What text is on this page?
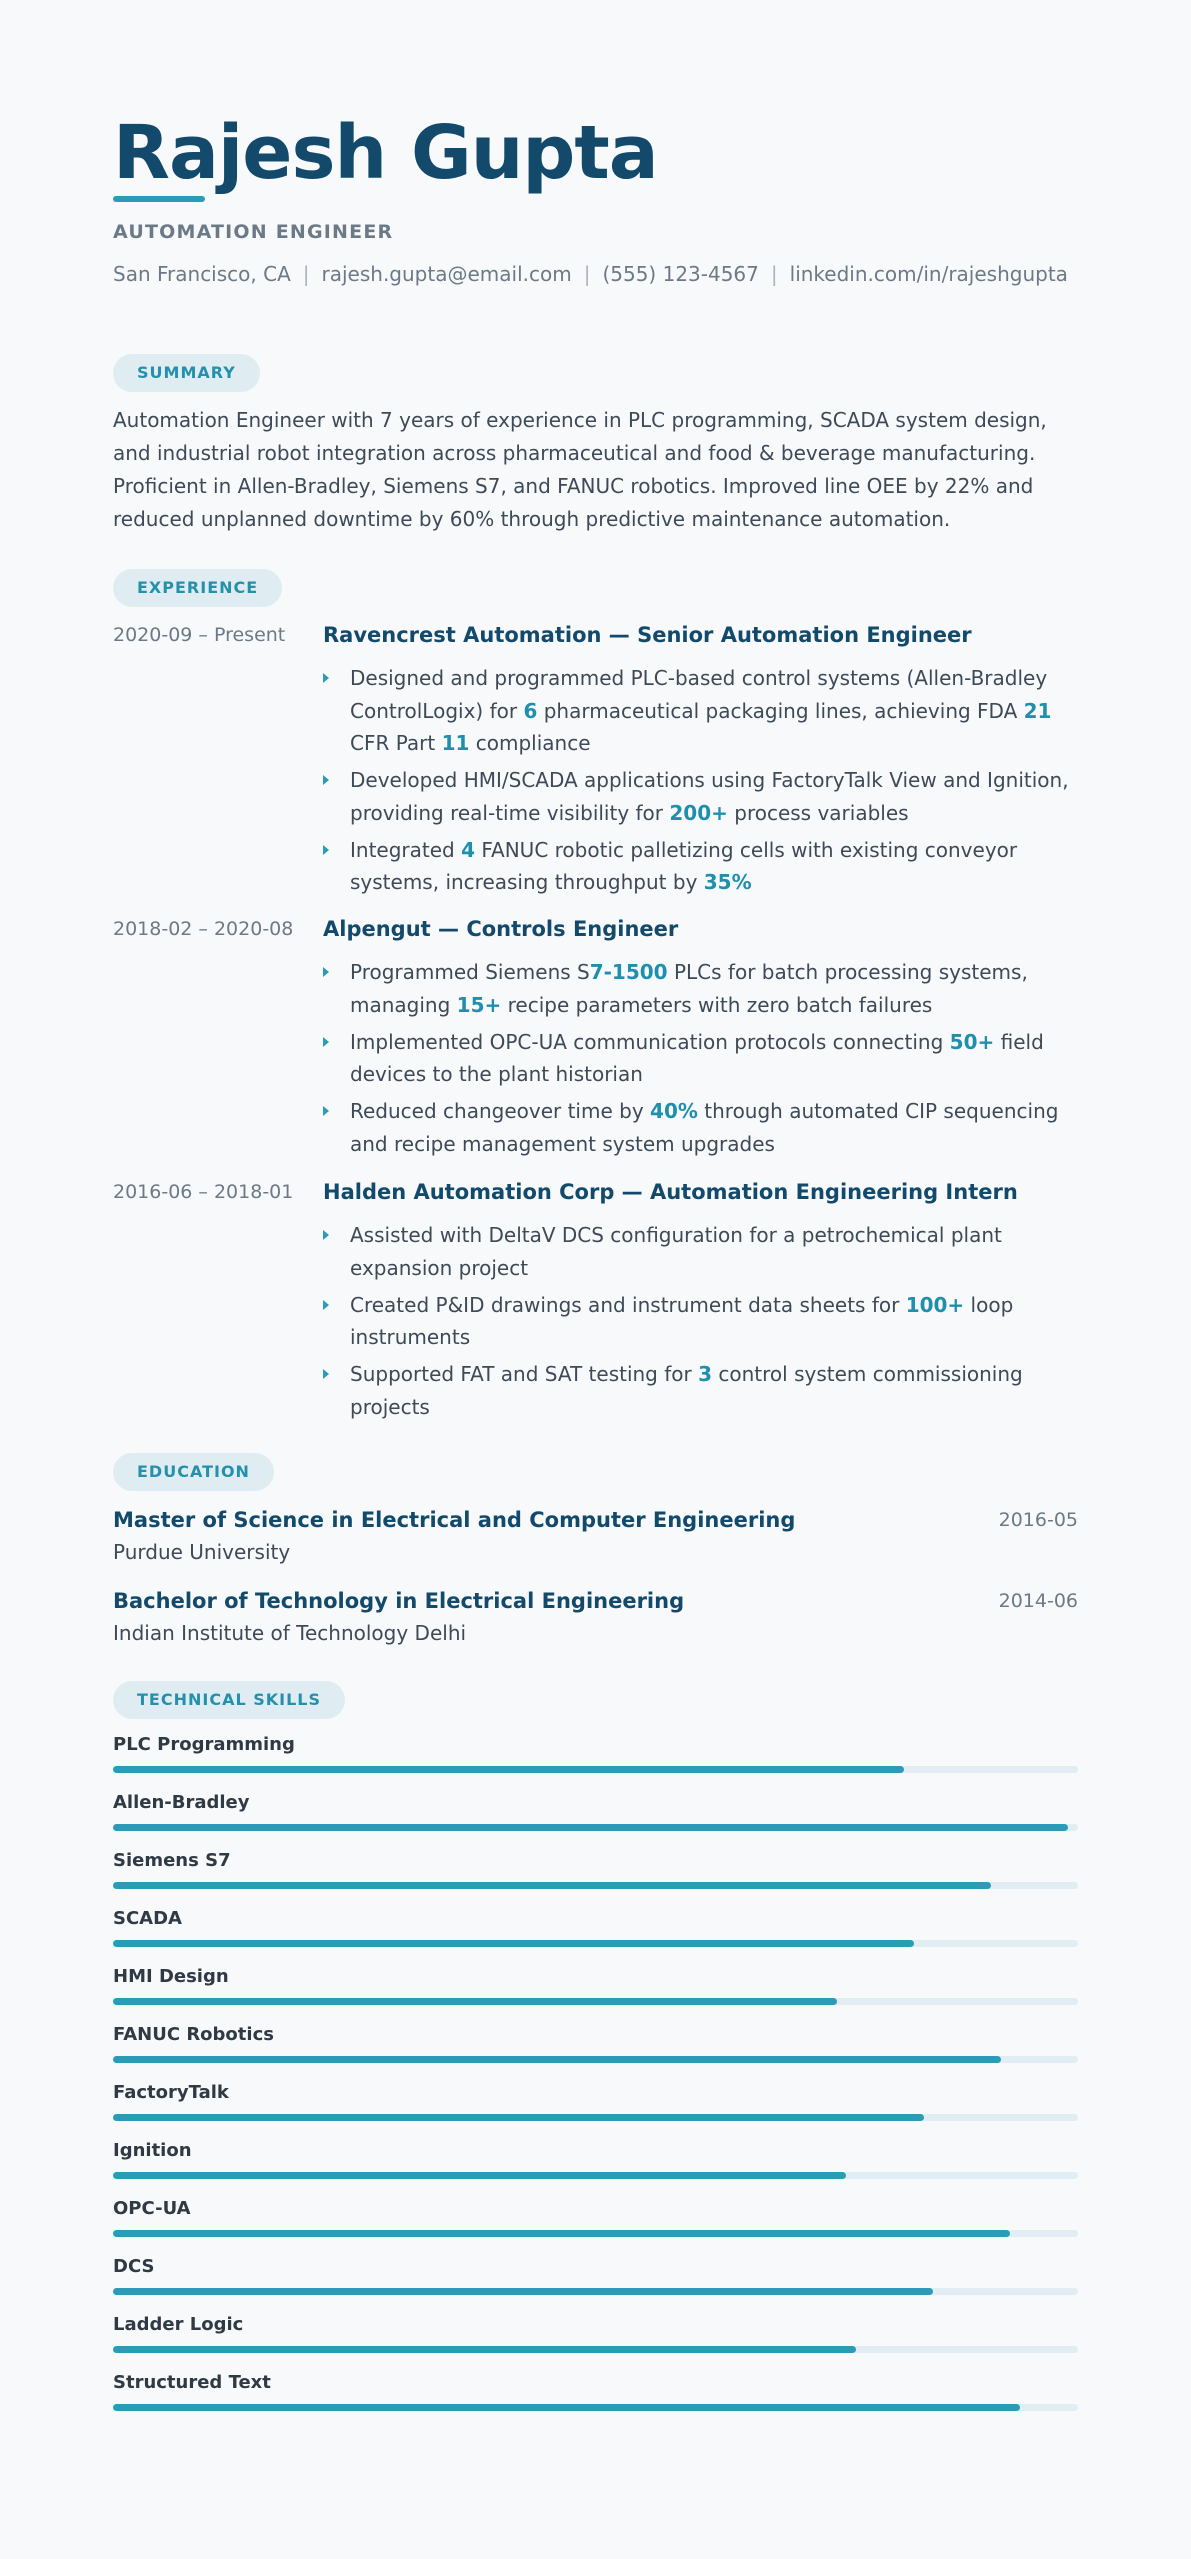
Rajesh Gupta
AUTOMATION ENGINEER
San Francisco, CA | rajesh.gupta@email.com | (555) 123-4567 | linkedin.com/in/rajeshgupta
SUMMARY

Automation Engineer with 7 years of experience in PLC programming, SCADA system design, and industrial robot integration across pharmaceutical and food & beverage manufacturing. Proficient in Allen-Bradley, Siemens S7, and FANUC robotics. Improved line OEE by 22% and reduced unplanned downtime by 60% through predictive maintenance automation.

EXPERIENCE
2020-09 – Present Ravencrest Automation — Senior Automation Engineer
Designed and programmed PLC-based control systems (Allen-Bradley ControlLogix) for 6 pharmaceutical packaging lines, achieving FDA 21 CFR Part 11 compliance
Developed HMI/SCADA applications using FactoryTalk View and Ignition, providing real-time visibility for 200+ process variables
Integrated 4 FANUC robotic palletizing cells with existing conveyor systems, increasing throughput by 35%
2018-02 – 2020-08 Alpengut — Controls Engineer
Programmed Siemens S7-1500 PLCs for batch processing systems, managing 15+ recipe parameters with zero batch failures
Implemented OPC-UA communication protocols connecting 50+ field devices to the plant historian
Reduced changeover time by 40% through automated CIP sequencing and recipe management system upgrades
2016-06 – 2018-01 Halden Automation Corp — Automation Engineering Intern
Assisted with DeltaV DCS configuration for a petrochemical plant expansion project
Created P&ID drawings and instrument data sheets for 100+ loop instruments
Supported FAT and SAT testing for 3 control system commissioning projects
EDUCATION
Master of Science in Electrical and Computer Engineering	2016-05
Purdue University
Bachelor of Technology in Electrical Engineering	2014-06
Indian Institute of Technology Delhi
TECHNICAL SKILLS
PLC Programming
Allen-Bradley
Siemens S7
SCADA
HMI Design
FANUC Robotics
FactoryTalk
Ignition
OPC-UA
DCS
Ladder Logic
Structured Text
